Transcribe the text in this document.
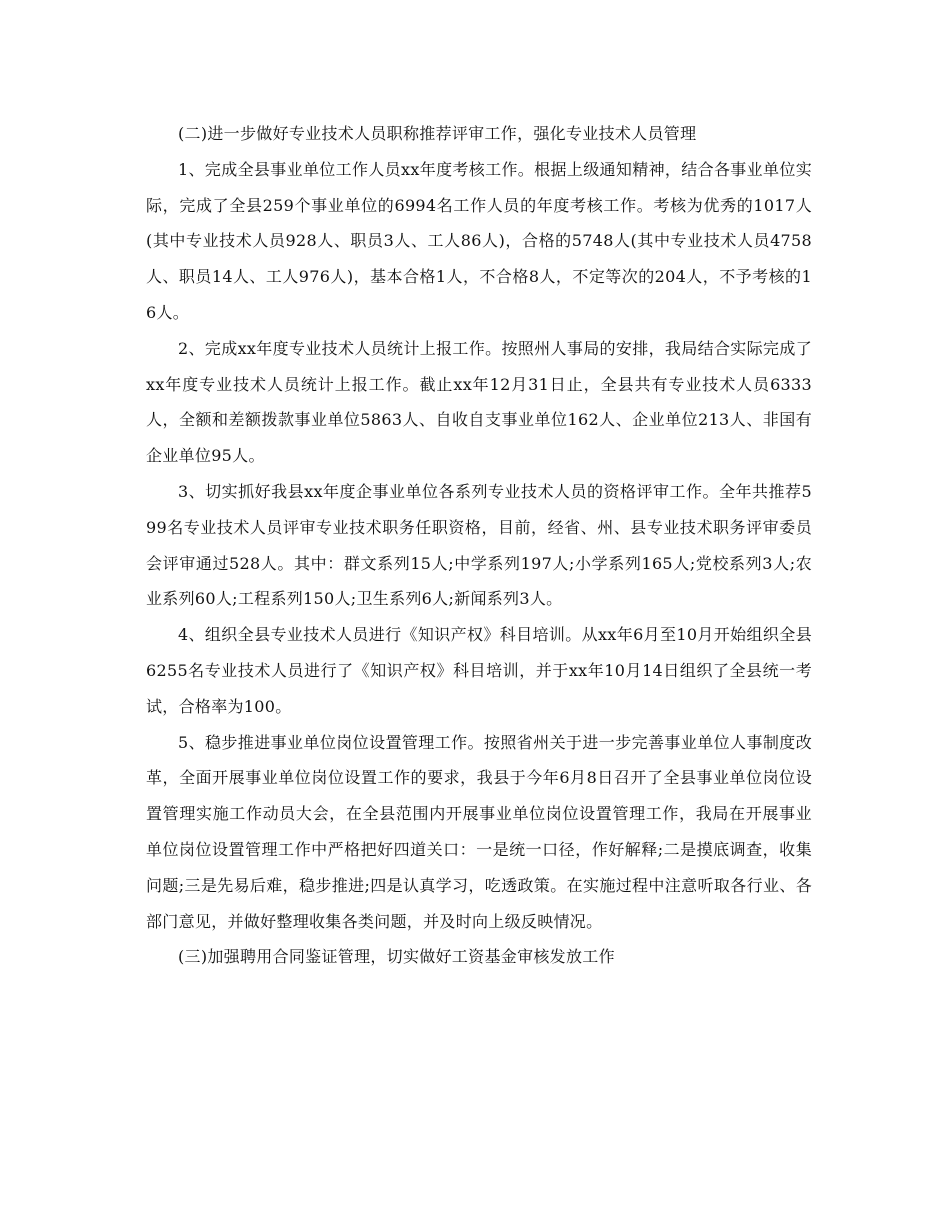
(二)进一步做好专业技术人员职称推荐评审工作，强化专业技术人员管理

1、完成全县事业单位工作人员xx年度考核工作。根据上级通知精神，结合各事业单位实际，完成了全县259个事业单位的6994名工作人员的年度考核工作。考核为优秀的1017人(其中专业技术人员928人、职员3人、工人86人)，合格的5748人(其中专业技术人员4758人、职员14人、工人976人)，基本合格1人，不合格8人，不定等次的204人，不予考核的16人。

2、完成xx年度专业技术人员统计上报工作。按照州人事局的安排，我局结合实际完成了xx年度专业技术人员统计上报工作。截止xx年12月31日止，全县共有专业技术人员6333人，全额和差额拨款事业单位5863人、自收自支事业单位162人、企业单位213人、非国有企业单位95人。

3、切实抓好我县xx年度企事业单位各系列专业技术人员的资格评审工作。全年共推荐599名专业技术人员评审专业技术职务任职资格，目前，经省、州、县专业技术职务评审委员会评审通过528人。其中：群文系列15人;中学系列197人;小学系列165人;党校系列3人;农业系列60人;工程系列150人;卫生系列6人;新闻系列3人。

4、组织全县专业技术人员进行《知识产权》科目培训。从xx年6月至10月开始组织全县6255名专业技术人员进行了《知识产权》科目培训，并于xx年10月14日组织了全县统一考试，合格率为100。

5、稳步推进事业单位岗位设置管理工作。按照省州关于进一步完善事业单位人事制度改革，全面开展事业单位岗位设置工作的要求，我县于今年6月8日召开了全县事业单位岗位设置管理实施工作动员大会，在全县范围内开展事业单位岗位设置管理工作，我局在开展事业单位岗位设置管理工作中严格把好四道关口：一是统一口径，作好解释;二是摸底调查，收集问题;三是先易后难，稳步推进;四是认真学习，吃透政策。在实施过程中注意听取各行业、各部门意见，并做好整理收集各类问题，并及时向上级反映情况。

(三)加强聘用合同鉴证管理，切实做好工资基金审核发放工作
